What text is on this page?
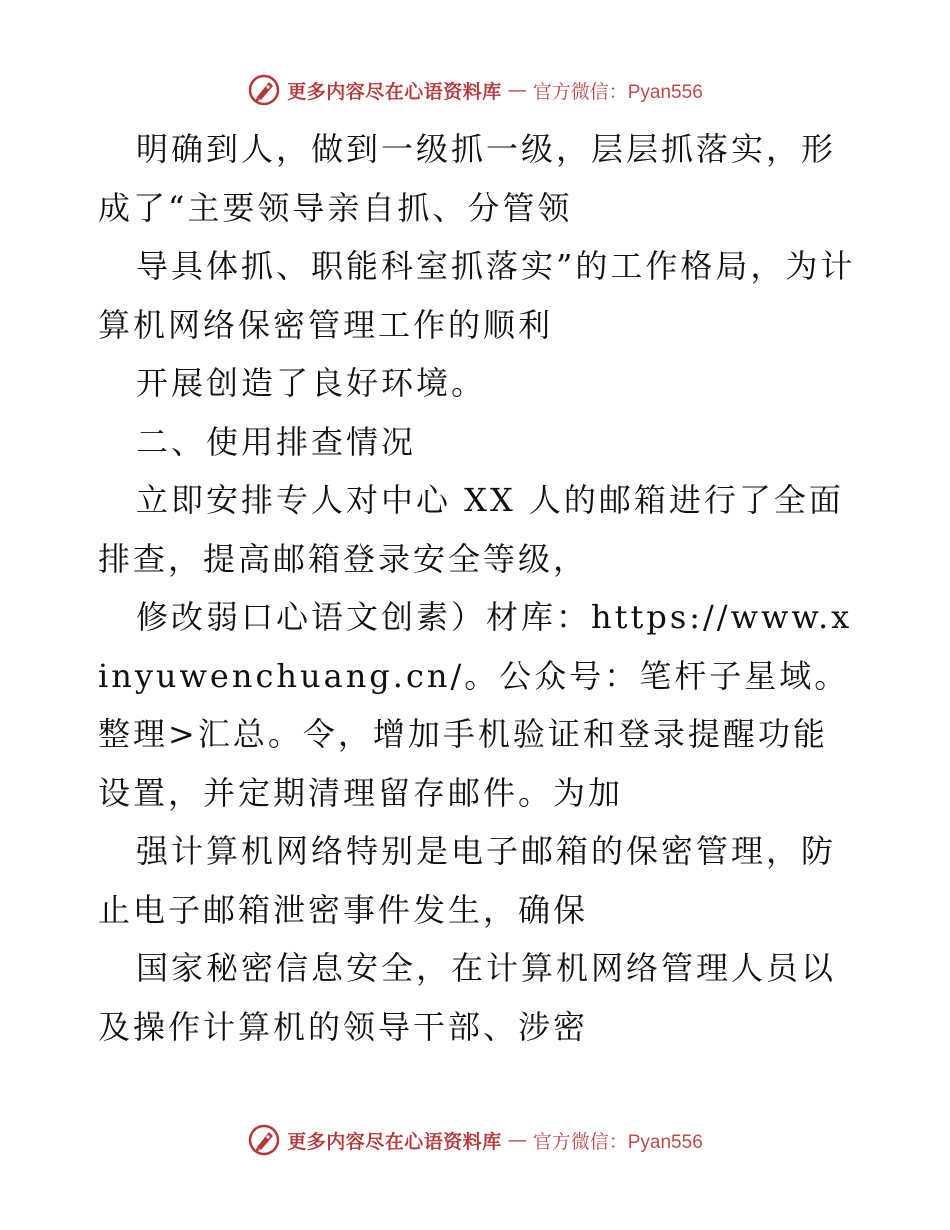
更多内容尽在心语资料库 — 官方微信：Pyan556

明确到人，做到一级抓一级，层层抓落实，形成了“主要领导亲自抓、分管领

导具体抓、职能科室抓落实”的工作格局，为计算机网络保密管理工作的顺利

开展创造了良好环境。

二、使用排查情况

立即安排专人对中心 XX 人的邮箱进行了全面排查，提高邮箱登录安全等级，

修改弱口心语文创素）材库：https://www.xinyuwenchuang.cn/。公众号：笔杆子星域。整理>汇总。令，增加手机验证和登录提醒功能设置，并定期清理留存邮件。为加

强计算机网络特别是电子邮箱的保密管理，防止电子邮箱泄密事件发生，确保

国家秘密信息安全，在计算机网络管理人员以及操作计算机的领导干部、涉密

更多内容尽在心语资料库 — 官方微信：Pyan556
